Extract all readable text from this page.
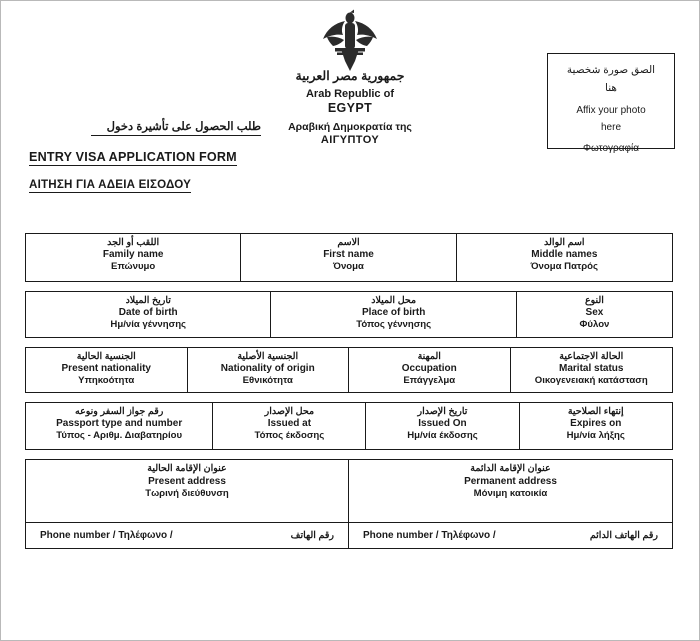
جمهورية مصر العربية
Arab Republic of
EGYPT
Αραβική Δημοκρατία της
ΑΙΓΥΠΤΟΥ
طلب الحصول على تأشيرة دخول
ENTRY VISA APPLICATION FORM
ΑΙΤΗΣΗ ΓΙΑ ΑΔΕΙΑ ΕΙΣΟΔΟΥ
الصق صورة شخصية
هنا
Affix your photo
here
Φωτογραφία
اللقب أو الجد
Family name
Επώνυμο
الاسم
First name
Όνομα
اسم الوالد
Middle names
Όνομα Πατρός
تاريخ الميلاد
Date of birth
Ημ/νία γέννησης
محل الميلاد
Place of birth
Τόπος γέννησης
النوع
Sex
Φύλον
الجنسية الحالية
Present nationality
Υπηκοότητα
الجنسية الأصلية
Nationality of origin
Εθνικότητα
المهنة
Occupation
Επάγγελμα
الحالة الاجتماعية
Marital status
Οικογενειακή κατάσταση
رقم جواز السفر ونوعه
Passport type and number
Τύπος - Αριθμ. Διαβατηρίου
محل الإصدار
Issued at
Τόπος έκδοσης
تاريخ الإصدار
Issued On
Ημ/νία έκδοσης
إنتهاء الصلاحية
Expires on
Ημ/νία λήξης
عنوان الإقامة الحالية
Present address
Τωρινή διεύθυνση
Phone number / Τηλέφωνο /	رقم الهاتف
عنوان الإقامة الدائمة
Permanent address
Μόνιμη κατοικία
Phone number / Τηλέφωνο /	رقم الهاتف الدائم
